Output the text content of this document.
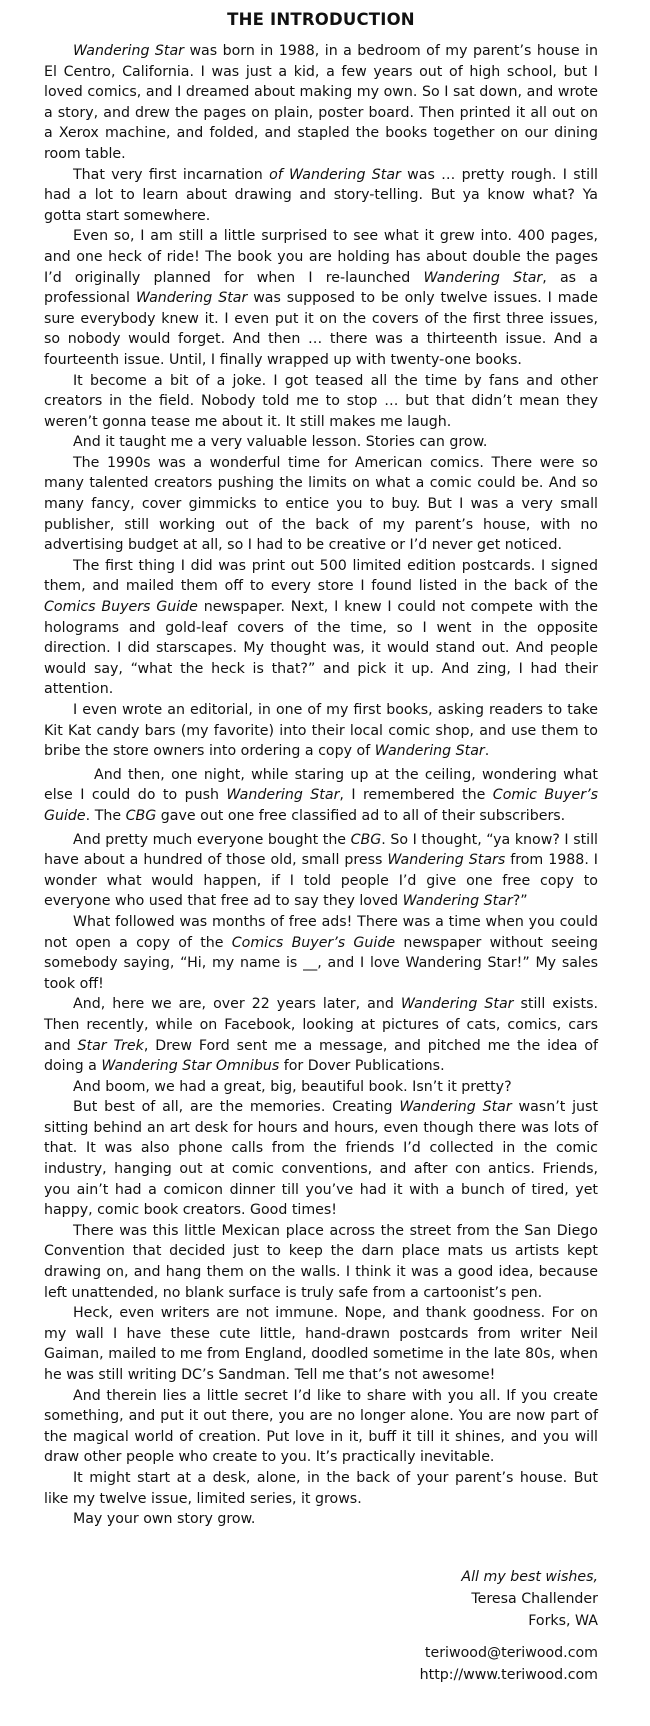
THE INTRODUCTION

Wandering Star was born in 1988, in a bedroom of my parent’s house in El Centro, California. I was just a kid, a few years out of high school, but I loved comics, and I dreamed about making my own. So I sat down, and wrote a story, and drew the pages on plain, poster board. Then printed it all out on a Xerox machine, and folded, and stapled the books together on our dining room table.

That very first incarnation of Wandering Star was … pretty rough. I still had a lot to learn about drawing and story-telling. But ya know what? Ya gotta start somewhere.

Even so, I am still a little surprised to see what it grew into. 400 pages, and one heck of ride! The book you are holding has about double the pages I’d originally planned for when I re-launched Wandering Star, as a professional Wandering Star was supposed to be only twelve issues. I made sure everybody knew it. I even put it on the covers of the first three issues, so nobody would forget. And then … there was a thirteenth issue. And a fourteenth issue. Until, I finally wrapped up with twenty-one books.

It become a bit of a joke. I got teased all the time by fans and other creators in the field. Nobody told me to stop … but that didn’t mean they weren’t gonna tease me about it. It still makes me laugh.

And it taught me a very valuable lesson. Stories can grow.

The 1990s was a wonderful time for American comics. There were so many talented creators pushing the limits on what a comic could be. And so many fancy, cover gimmicks to entice you to buy. But I was a very small publisher, still working out of the back of my parent’s house, with no advertising budget at all, so I had to be creative or I’d never get noticed.

The first thing I did was print out 500 limited edition postcards. I signed them, and mailed them off to every store I found listed in the back of the Comics Buyers Guide newspaper. Next, I knew I could not compete with the holograms and gold-leaf covers of the time, so I went in the opposite direction. I did starscapes. My thought was, it would stand out. And people would say, “what the heck is that?” and pick it up. And zing, I had their attention.

I even wrote an editorial, in one of my first books, asking readers to take Kit Kat candy bars (my favorite) into their local comic shop, and use them to bribe the store owners into ordering a copy of Wandering Star.

And then, one night, while staring up at the ceiling, wondering what else I could do to push Wandering Star, I remembered the Comic Buyer’s Guide. The CBG gave out one free classified ad to all of their subscribers.

And pretty much everyone bought the CBG. So I thought, “ya know? I still have about a hundred of those old, small press Wandering Stars from 1988. I wonder what would happen, if I told people I’d give one free copy to everyone who used that free ad to say they loved Wandering Star?”

What followed was months of free ads! There was a time when you could not open a copy of the Comics Buyer’s Guide newspaper without seeing somebody saying, “Hi, my name is __, and I love Wandering Star!” My sales took off!

And, here we are, over 22 years later, and Wandering Star still exists. Then recently, while on Facebook, looking at pictures of cats, comics, cars and Star Trek, Drew Ford sent me a message, and pitched me the idea of doing a Wandering Star Omnibus for Dover Publications.

And boom, we had a great, big, beautiful book. Isn’t it pretty?

But best of all, are the memories. Creating Wandering Star wasn’t just sitting behind an art desk for hours and hours, even though there was lots of that. It was also phone calls from the friends I’d collected in the comic industry, hanging out at comic conventions, and after con antics. Friends, you ain’t had a comicon dinner till you’ve had it with a bunch of tired, yet happy, comic book creators. Good times!

There was this little Mexican place across the street from the San Diego Convention that decided just to keep the darn place mats us artists kept drawing on, and hang them on the walls. I think it was a good idea, because left unattended, no blank surface is truly safe from a cartoonist’s pen.

Heck, even writers are not immune. Nope, and thank goodness. For on my wall I have these cute little, hand-drawn postcards from writer Neil Gaiman, mailed to me from England, doodled sometime in the late 80s, when he was still writing DC’s Sandman. Tell me that’s not awesome!

And therein lies a little secret I’d like to share with you all. If you create something, and put it out there, you are no longer alone. You are now part of the magical world of creation. Put love in it, buff it till it shines, and you will draw other people who create to you. It’s practically inevitable.

It might start at a desk, alone, in the back of your parent’s house. But like my twelve issue, limited series, it grows.

May your own story grow.

All my best wishes,
Teresa Challender
Forks, WA
teriwood@teriwood.com
http://www.teriwood.com
